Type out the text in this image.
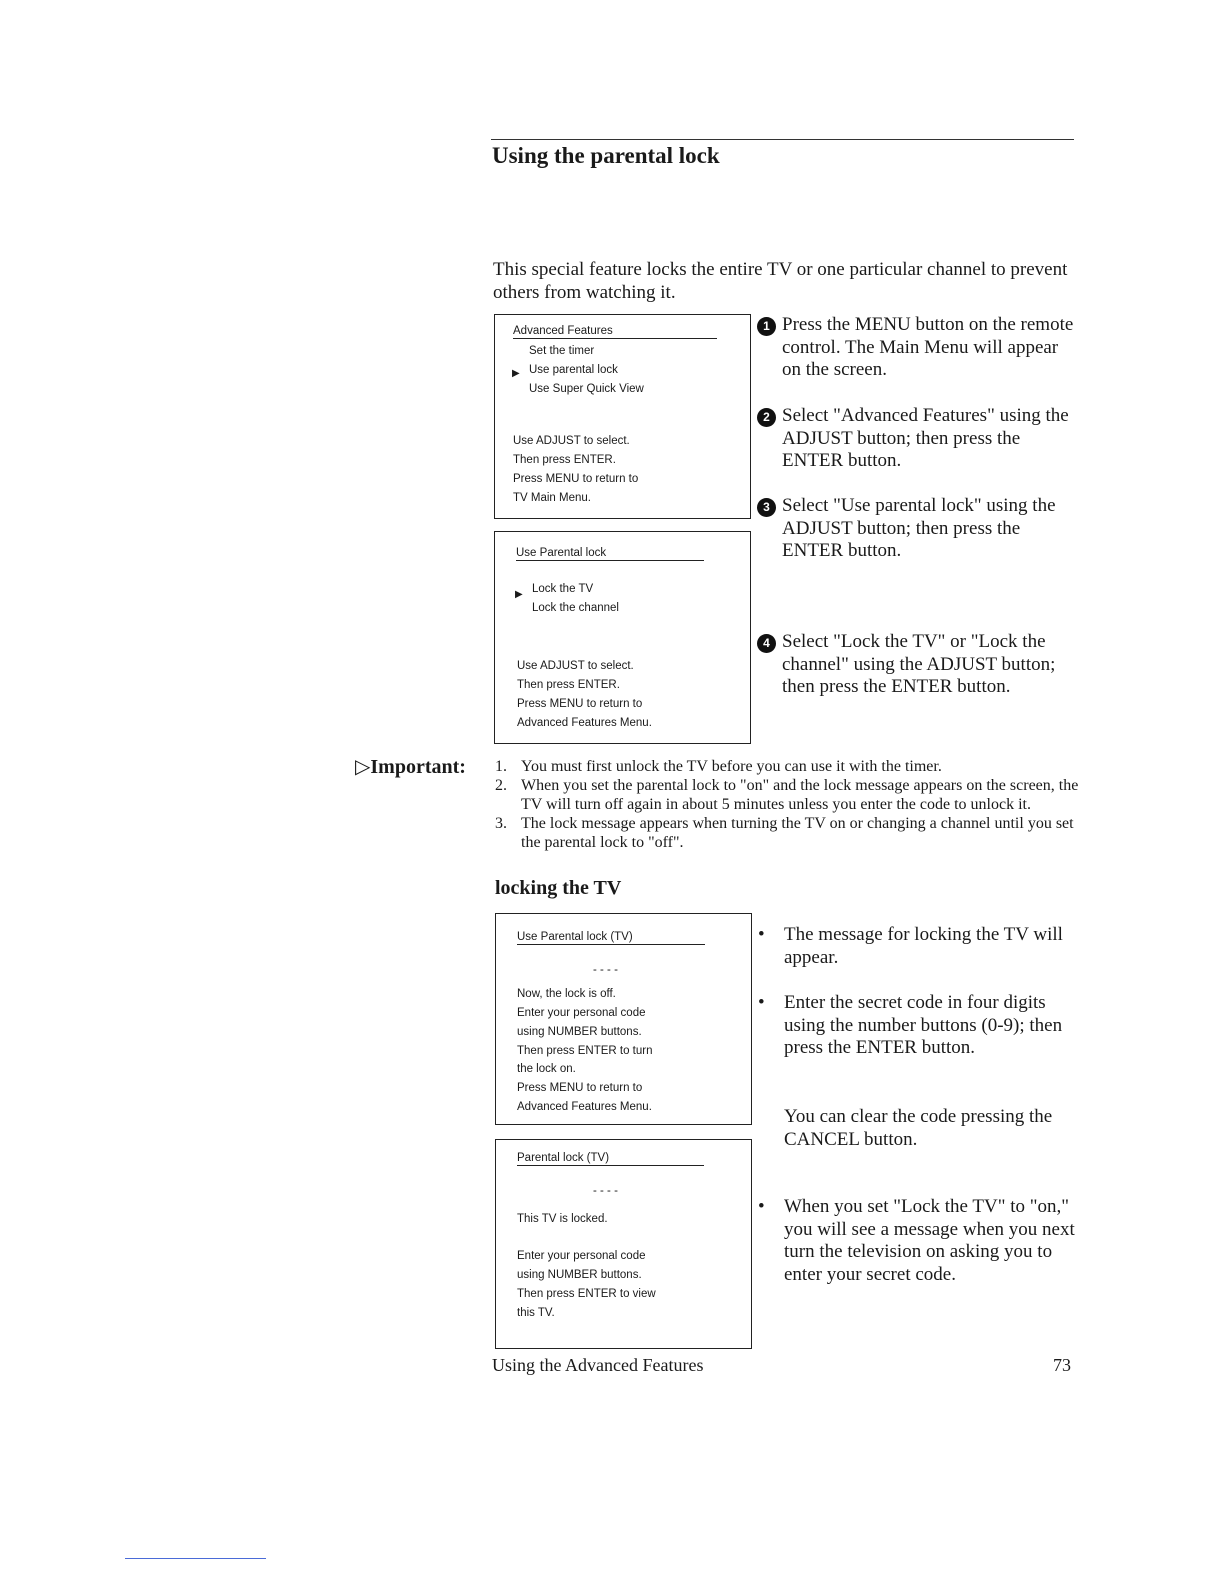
Using the parental lock

This special feature locks the entire TV or one particular channel to prevent others from watching it.

Advanced Features
Set the timer
▶ Use parental lock
Use Super Quick View
Use ADJUST to select.
Then press ENTER.
Press MENU to return to
TV Main Menu.
Use Parental lock
▶ Lock the TV
Lock the channel
Use ADJUST to select.
Then press ENTER.
Press MENU to return to
Advanced Features Menu.
1 Press the MENU button on the remote control. The Main Menu will appear on the screen.
2 Select "Advanced Features" using the ADJUST button; then press the ENTER button.
3 Select "Use parental lock" using the ADJUST button; then press the ENTER button.
4 Select "Lock the TV" or "Lock the channel" using the ADJUST button; then press the ENTER button.
▷Important: 1. You must first unlock the TV before you can use it with the timer.
2. When you set the parental lock to "on" and the lock message appears on the screen, the TV will turn off again in about 5 minutes unless you enter the code to unlock it.
3. The lock message appears when turning the TV on or changing a channel until you set the parental lock to "off".
locking the TV
Use Parental lock (TV)
- - - -
Now, the lock is off.
Enter your personal code
using NUMBER buttons.
Then press ENTER to turn
the lock on.
Press MENU to return to
Advanced Features Menu.
Parental lock (TV)
- - - -
This TV is locked.
Enter your personal code
using NUMBER buttons.
Then press ENTER to view
this TV.
• The message for locking the TV will appear.
• Enter the secret code in four digits using the number buttons (0-9); then press the ENTER button.
You can clear the code pressing the CANCEL button.
• When you set "Lock the TV" to "on," you will see a message when you next turn the television on asking you to enter your secret code.
Using the Advanced Features	73
